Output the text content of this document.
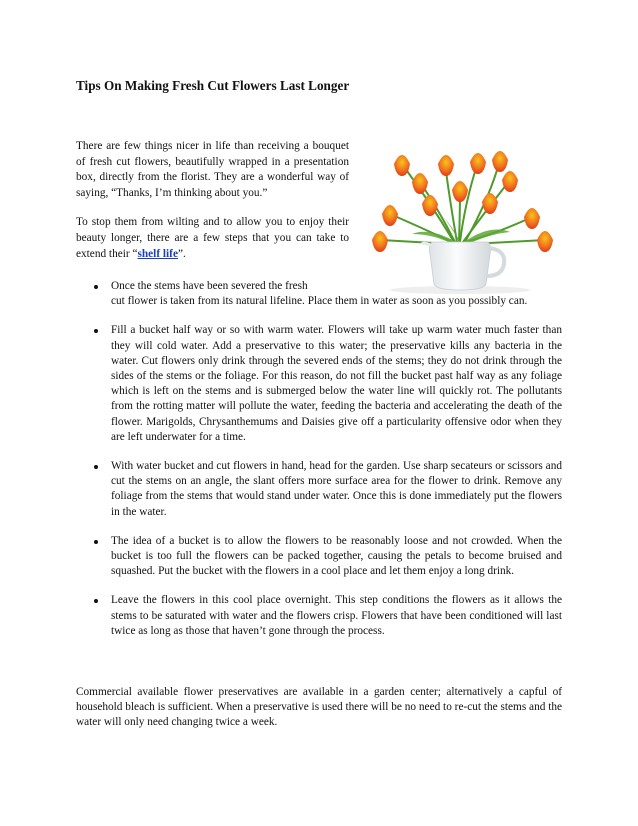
Tips On Making Fresh Cut Flowers Last Longer

There are few things nicer in life than receiving a bouquet of fresh cut flowers, beautifully wrapped in a presentation box, directly from the florist. They are a wonderful way of saying, “Thanks, I’m thinking about you.”

To stop them from wilting and to allow you to enjoy their beauty longer, there are a few steps that you can take to extend their “shelf life”.

Once the stems have been severed the fresh
cut flower is taken from its natural lifeline. Place them in water as soon as you possibly can.
Fill a bucket half way or so with warm water. Flowers will take up warm water much faster than they will cold water. Add a preservative to this water; the preservative kills any bacteria in the water. Cut flowers only drink through the severed ends of the stems; they do not drink through the sides of the stems or the foliage. For this reason, do not fill the bucket past half way as any foliage which is left on the stems and is submerged below the water line will quickly rot. The pollutants from the rotting matter will pollute the water, feeding the bacteria and accelerating the death of the flower. Marigolds, Chrysanthemums and Daisies give off a particularity offensive odor when they are left underwater for a time.
With water bucket and cut flowers in hand, head for the garden. Use sharp secateurs or scissors and cut the stems on an angle, the slant offers more surface area for the flower to drink. Remove any foliage from the stems that would stand under water. Once this is done immediately put the flowers in the water.
The idea of a bucket is to allow the flowers to be reasonably loose and not crowded. When the bucket is too full the flowers can be packed together, causing the petals to become bruised and squashed. Put the bucket with the flowers in a cool place and let them enjoy a long drink.
Leave the flowers in this cool place overnight. This step conditions the flowers as it allows the stems to be saturated with water and the flowers crisp. Flowers that have been conditioned will last twice as long as those that haven’t gone through the process.

Commercial available flower preservatives are available in a garden center; alternatively a capful of household bleach is sufficient. When a preservative is used there will be no need to re-cut the stems and the water will only need changing twice a week.
